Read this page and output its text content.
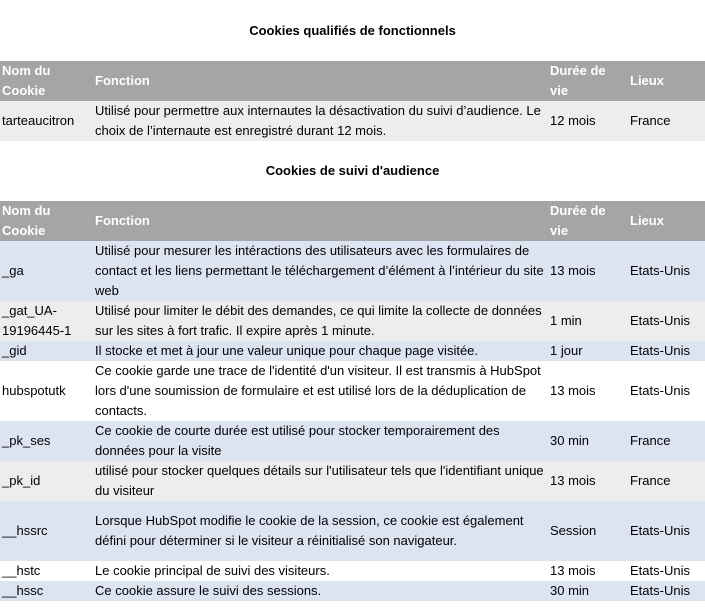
Cookies qualifiés de fonctionnels
Nom du Cookie	Fonction	Durée de vie	Lieux
tarteaucitron	Utilisé pour permettre aux internautes la désactivation du suivi d’audience. Le choix de l’internaute est enregistré durant 12 mois.	12 mois	France
Cookies de suivi d'audience
Nom du Cookie	Fonction	Durée de vie	Lieux
_ga	Utilisé pour mesurer les intéractions des utilisateurs avec les formulaires de contact et les liens permettant le téléchargement d’élément à l’intérieur du site web	13 mois	Etats-Unis
_gat_UA-19196445-1	Utilisé pour limiter le débit des demandes, ce qui limite la collecte de données sur les sites à fort trafic. Il expire après 1 minute.	1 min	Etats-Unis
_gid	Il stocke et met à jour une valeur unique pour chaque page visitée.	1 jour	Etats-Unis
hubspotutk	Ce cookie garde une trace de l'identité d'un visiteur. Il est transmis à HubSpot lors d'une soumission de formulaire et est utilisé lors de la déduplication de contacts.	13 mois	Etats-Unis
_pk_ses	Ce cookie de courte durée est utilisé pour stocker temporairement des données pour la visite	30 min	France
_pk_id	utilisé pour stocker quelques détails sur l'utilisateur tels que l'identifiant unique du visiteur	13 mois	France
__hssrc	Lorsque HubSpot modifie le cookie de la session, ce cookie est également défini pour déterminer si le visiteur a réinitialisé son navigateur.	Session	Etats-Unis
__hstc	Le cookie principal de suivi des visiteurs.	13 mois	Etats-Unis
__hssc	Ce cookie assure le suivi des sessions.	30 min	Etats-Unis
